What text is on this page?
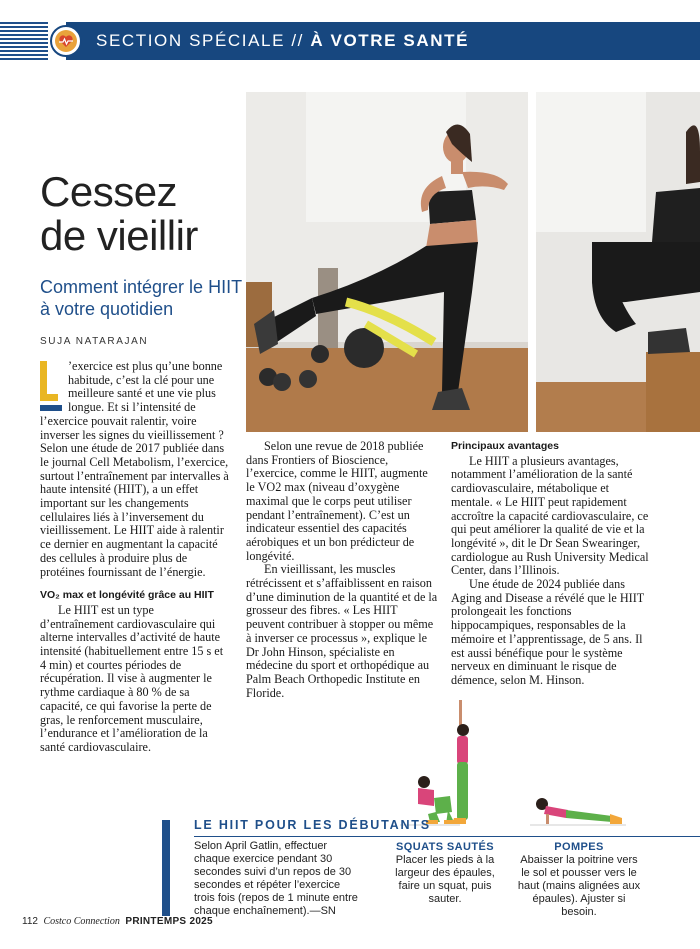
SECTION SPÉCIALE // À VOTRE SANTÉ
Cessez
de vieillir
Comment intégrer le HIIT à votre quotidien
SUJA NATARAJAN

’exercice est plus qu’une bonne habitude, c’est la clé pour une meilleure santé et une vie plus longue. Et si l’intensité de l’exercice pouvait ralentir, voire inverser les signes du vieillissement ? Selon une étude de 2017 publiée dans le journal Cell Metabolism, l’exercice, surtout l’entraînement par intervalles à haute intensité (HIIT), a un effet important sur les changements cellulaires liés à l’inversement du vieillissement. Le HIIT aide à ralentir ce dernier en augmentant la capacité des cellules à produire plus de protéines fournissant de l’énergie.

VO₂ max et longévité grâce au HIIT

Le HIIT est un type d’entraînement cardiovasculaire qui alterne intervalles d’activité de haute intensité (habituellement entre 15 s et 4 min) et courtes périodes de récupération. Il vise à augmenter le rythme cardiaque à 80 % de sa capacité, ce qui favorise la perte de gras, le renforcement musculaire, l’endurance et l’amélioration de la santé cardiovasculaire.

Selon une revue de 2018 publiée dans Frontiers of Bioscience, l’exercice, comme le HIIT, augmente le VO2 max (niveau d’oxygène maximal que le corps peut utiliser pendant l’entraînement). C’est un indicateur essentiel des capacités aérobiques et un bon prédicteur de longévité.

En vieillissant, les muscles rétrécissent et s’affaiblissent en raison d’une diminution de la quantité et de la grosseur des fibres. « Les HIIT peuvent contribuer à stopper ou même à inverser ce processus », explique le Dr John Hinson, spécialiste en médecine du sport et orthopédique au Palm Beach Orthopedic Institute en Floride.

Principaux avantages

Le HIIT a plusieurs avantages, notamment l’amélioration de la santé cardiovasculaire, métabolique et mentale. « Le HIIT peut rapidement accroître la capacité cardiovasculaire, ce qui peut améliorer la qualité de vie et la longévité », dit le Dr Sean Swearinger, cardiologue au Rush University Medical Center, dans l’Illinois.

Une étude de 2024 publiée dans Aging and Disease a révélé que le HIIT prolongeait les fonctions hippocampiques, responsables de la mémoire et l’apprentissage, de 5 ans. Il est aussi bénéfique pour le système nerveux en diminuant le risque de démence, selon M. Hinson.

LE HIIT POUR LES DÉBUTANTS
Selon April Gatlin, effectuer chaque exercice pendant 30 secondes suivi d’un repos de 30 secondes et répéter l’exercice trois fois (repos de 1 minute entre chaque enchaînement).—SN
SQUATS SAUTÉS
Placer les pieds à la largeur des épaules, faire un squat, puis sauter.
POMPES
Abaisser la poitrine vers le sol et pousser vers le haut (mains alignées aux épaules). Ajuster si besoin.
112 Costco Connection PRINTEMPS 2025
